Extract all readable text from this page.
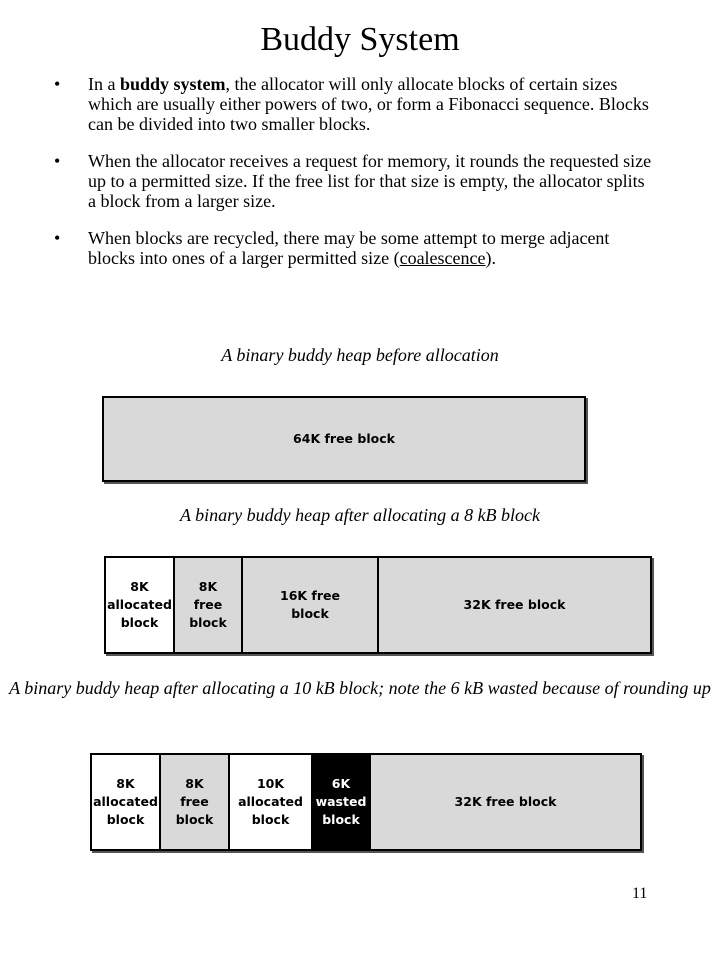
Buddy System
• In a buddy system, the allocator will only allocate blocks of certain sizes which are usually either powers of two, or form a Fibonacci sequence. Blocks can be divided into two smaller blocks.
• When the allocator receives a request for memory, it rounds the requested size up to a permitted size. If the free list for that size is empty, the allocator splits a block from a larger size.
• When blocks are recycled, there may be some attempt to merge adjacent blocks into ones of a larger permitted size (coalescence).
A binary buddy heap before allocation
64K free block
A binary buddy heap after allocating a 8 kB block
8K
allocated
block
8K
free
block
16K free
block
32K free block
A binary buddy heap after allocating a 10 kB block; note the 6 kB wasted because of rounding up
8K
allocated
block
8K
free
block
10K
allocated
block
6K
wasted
block
32K free block
11
